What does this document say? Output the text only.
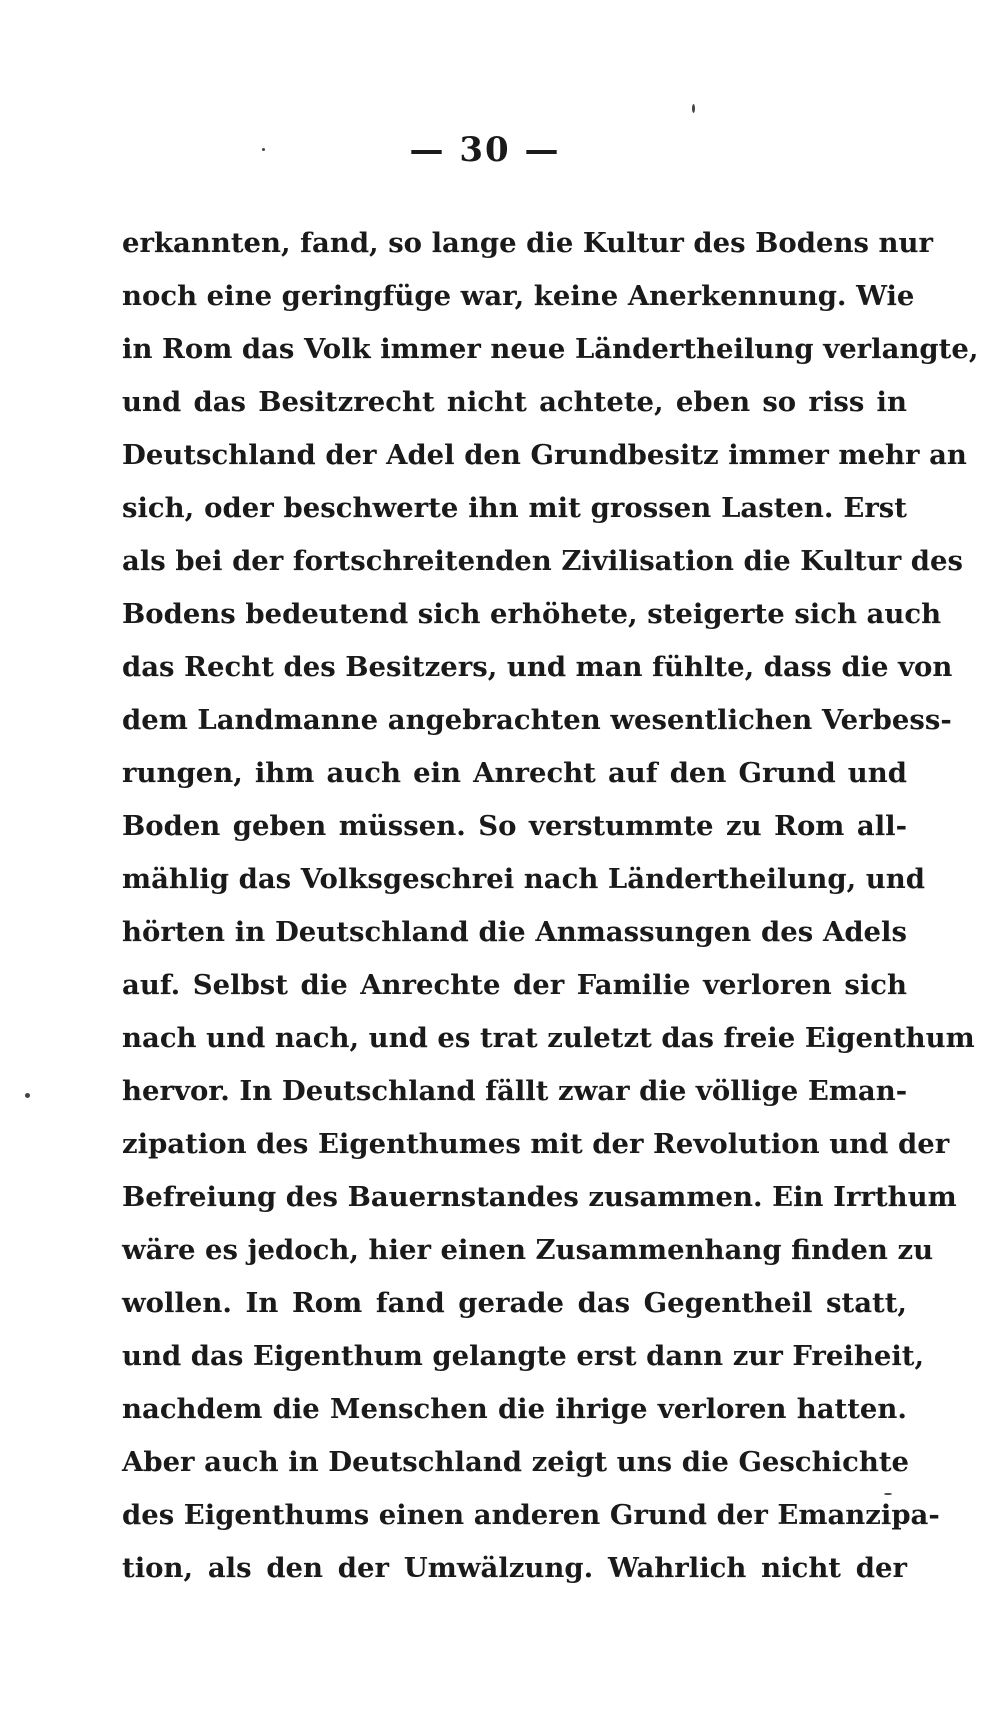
— 30 —
erkannten, fand, so lange die Kultur des Bodens nur
noch eine geringfüge war, keine Anerkennung. Wie
in Rom das Volk immer neue Ländertheilung verlangte,
und das Besitzrecht nicht achtete, eben so riss in
Deutschland der Adel den Grundbesitz immer mehr an
sich, oder beschwerte ihn mit grossen Lasten. Erst
als bei der fortschreitenden Zivilisation die Kultur des
Bodens bedeutend sich erhöhete, steigerte sich auch
das Recht des Besitzers, und man fühlte, dass die von
dem Landmanne angebrachten wesentlichen Verbess-
rungen, ihm auch ein Anrecht auf den Grund und
Boden geben müssen. So verstummte zu Rom all-
mählig das Volksgeschrei nach Ländertheilung, und
hörten in Deutschland die Anmassungen des Adels
auf. Selbst die Anrechte der Familie verloren sich
nach und nach, und es trat zuletzt das freie Eigenthum
hervor. In Deutschland fällt zwar die völlige Eman-
zipation des Eigenthumes mit der Revolution und der
Befreiung des Bauernstandes zusammen. Ein Irrthum
wäre es jedoch, hier einen Zusammenhang finden zu
wollen. In Rom fand gerade das Gegentheil statt,
und das Eigenthum gelangte erst dann zur Freiheit,
nachdem die Menschen die ihrige verloren hatten.
Aber auch in Deutschland zeigt uns die Geschichte
des Eigenthums einen anderen Grund der Emanzipa-
tion, als den der Umwälzung. Wahrlich nicht der
